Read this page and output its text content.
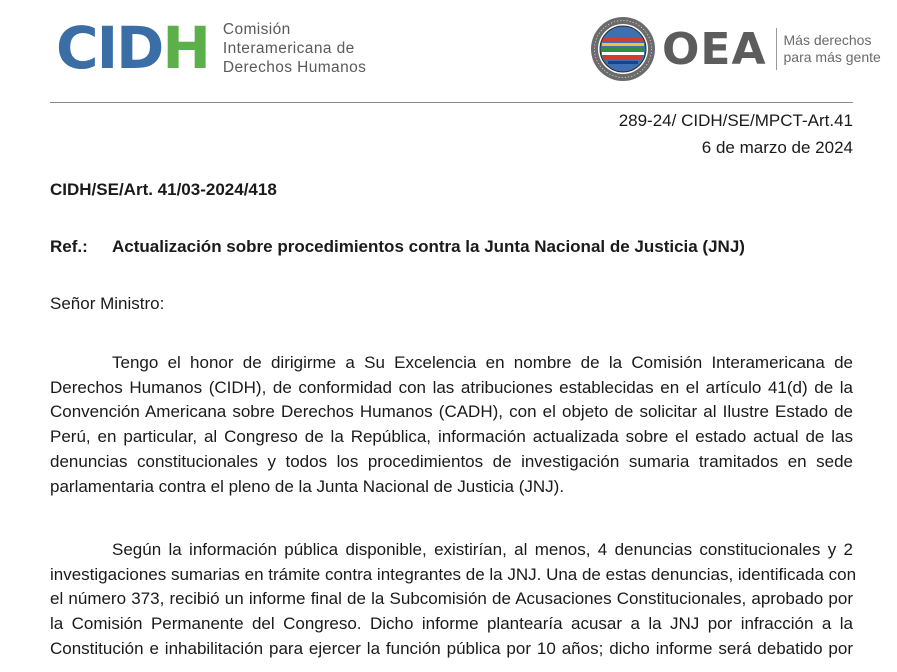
C I D H Comisión
Interamericana de
Derechos Humanos	OEA Más derechos
para más gente
289-24/ CIDH/SE/MPCT-Art.41
6 de marzo de 2024
CIDH/SE/Art. 41/03-2024/418
Ref.:	Actualización sobre procedimientos contra la Junta Nacional de Justicia (JNJ)
Señor Ministro:
Tengo el honor de dirigirme a Su Excelencia en nombre de la Comisión Interamericana de
Derechos Humanos (CIDH), de conformidad con las atribuciones establecidas en el artículo 41(d) de la
Convención Americana sobre Derechos Humanos (CADH), con el objeto de solicitar al Ilustre Estado de
Perú, en particular, al Congreso de la República, información actualizada sobre el estado actual de las
denuncias constitucionales y todos los procedimientos de investigación sumaria tramitados en sede
parlamentaria contra el pleno de la Junta Nacional de Justicia (JNJ).
Según la información pública disponible, existirían, al menos, 4 denuncias constitucionales y 2
investigaciones sumarias en trámite contra integrantes de la JNJ. Una de estas denuncias, identificada con
el número 373, recibió un informe final de la Subcomisión de Acusaciones Constitucionales, aprobado por
la Comisión Permanente del Congreso. Dicho informe plantearía acusar a la JNJ por infracción a la
Constitución e inhabilitación para ejercer la función pública por 10 años; dicho informe será debatido por
